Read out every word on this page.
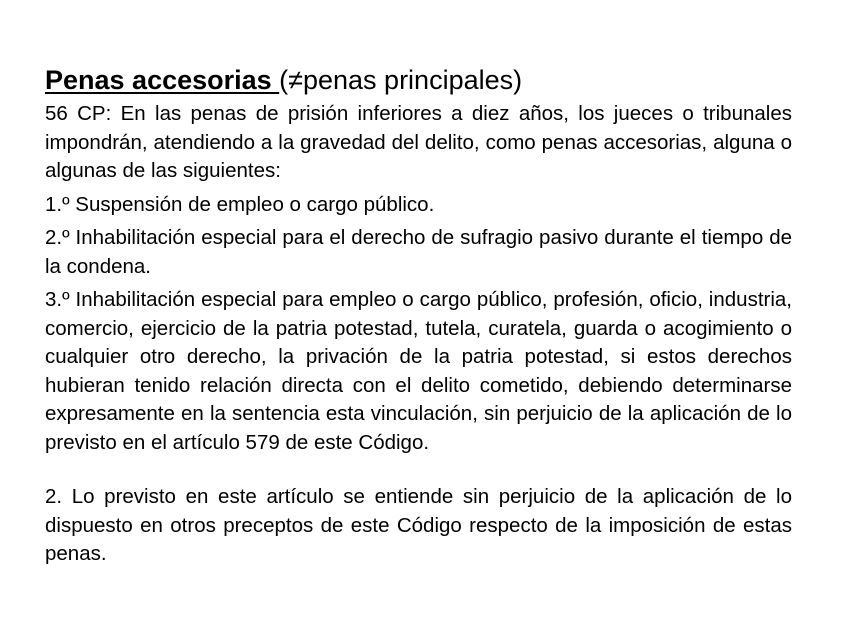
Penas accesorias (≠penas principales)

56 CP: En las penas de prisión inferiores a diez años, los jueces o tribunales impondrán, atendiendo a la gravedad del delito, como penas accesorias, alguna o algunas de las siguientes:

1.º Suspensión de empleo o cargo público.

2.º Inhabilitación especial para el derecho de sufragio pasivo durante el tiempo de la condena.

3.º Inhabilitación especial para empleo o cargo público, profesión, oficio, industria, comercio, ejercicio de la patria potestad, tutela, curatela, guarda o acogimiento o cualquier otro derecho, la privación de la patria potestad, si estos derechos hubieran tenido relación directa con el delito cometido, debiendo determinarse expresamente en la sentencia esta vinculación, sin perjuicio de la aplicación de lo previsto en el artículo 579 de este Código.

2. Lo previsto en este artículo se entiende sin perjuicio de la aplicación de lo dispuesto en otros preceptos de este Código respecto de la imposición de estas penas.
